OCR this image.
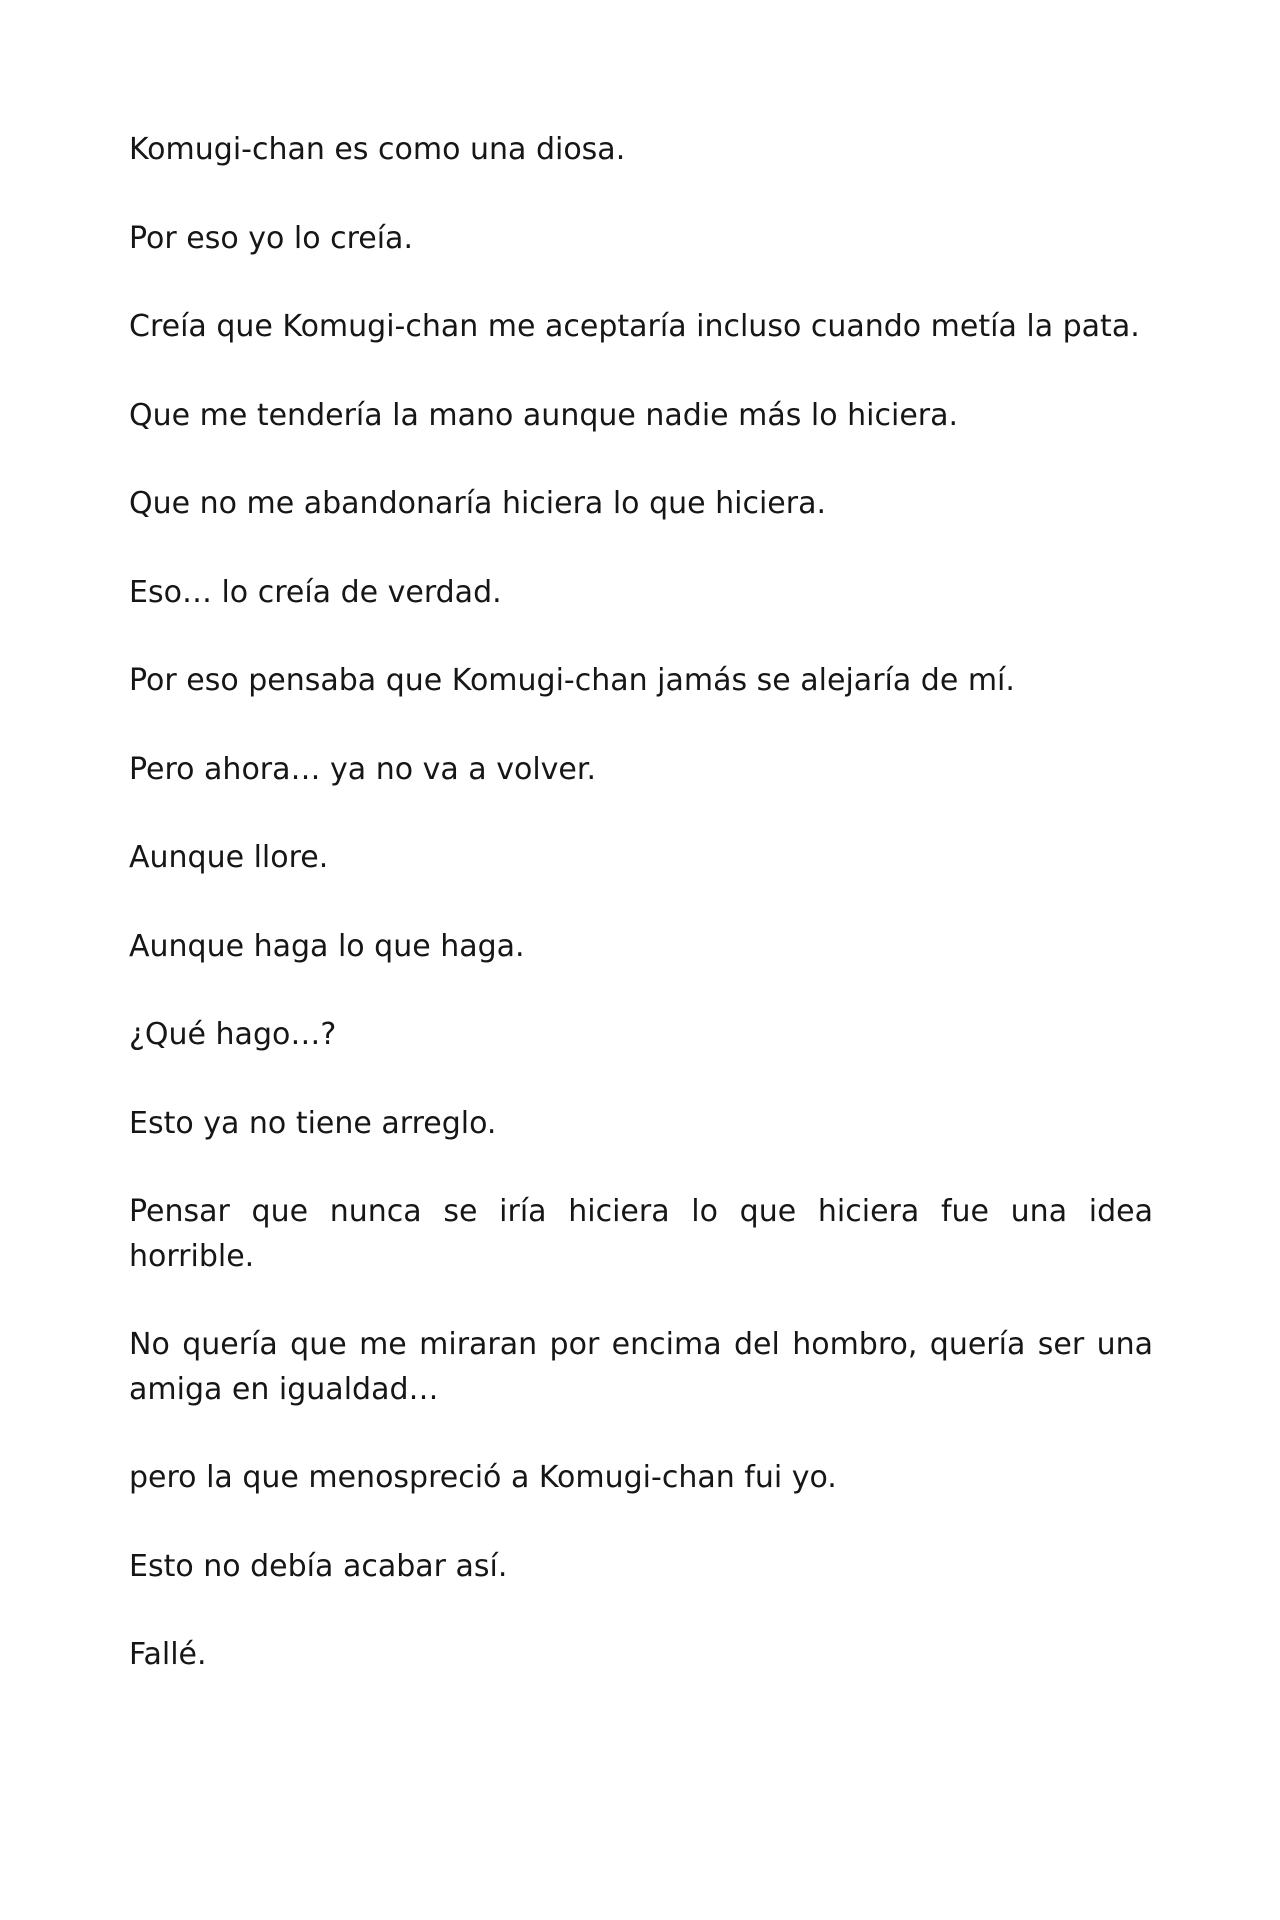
Komugi-chan es como una diosa.

Por eso yo lo creía.

Creía que Komugi-chan me aceptaría incluso cuando metía la pata.

Que me tendería la mano aunque nadie más lo hiciera.

Que no me abandonaría hiciera lo que hiciera.

Eso… lo creía de verdad.

Por eso pensaba que Komugi-chan jamás se alejaría de mí.

Pero ahora… ya no va a volver.

Aunque llore.

Aunque haga lo que haga.

¿Qué hago…?

Esto ya no tiene arreglo.

Pensar que nunca se iría hiciera lo que hiciera fue una idea horrible.

No quería que me miraran por encima del hombro, quería ser una amiga en igualdad…

pero la que menospreció a Komugi-chan fui yo.

Esto no debía acabar así.

Fallé.
